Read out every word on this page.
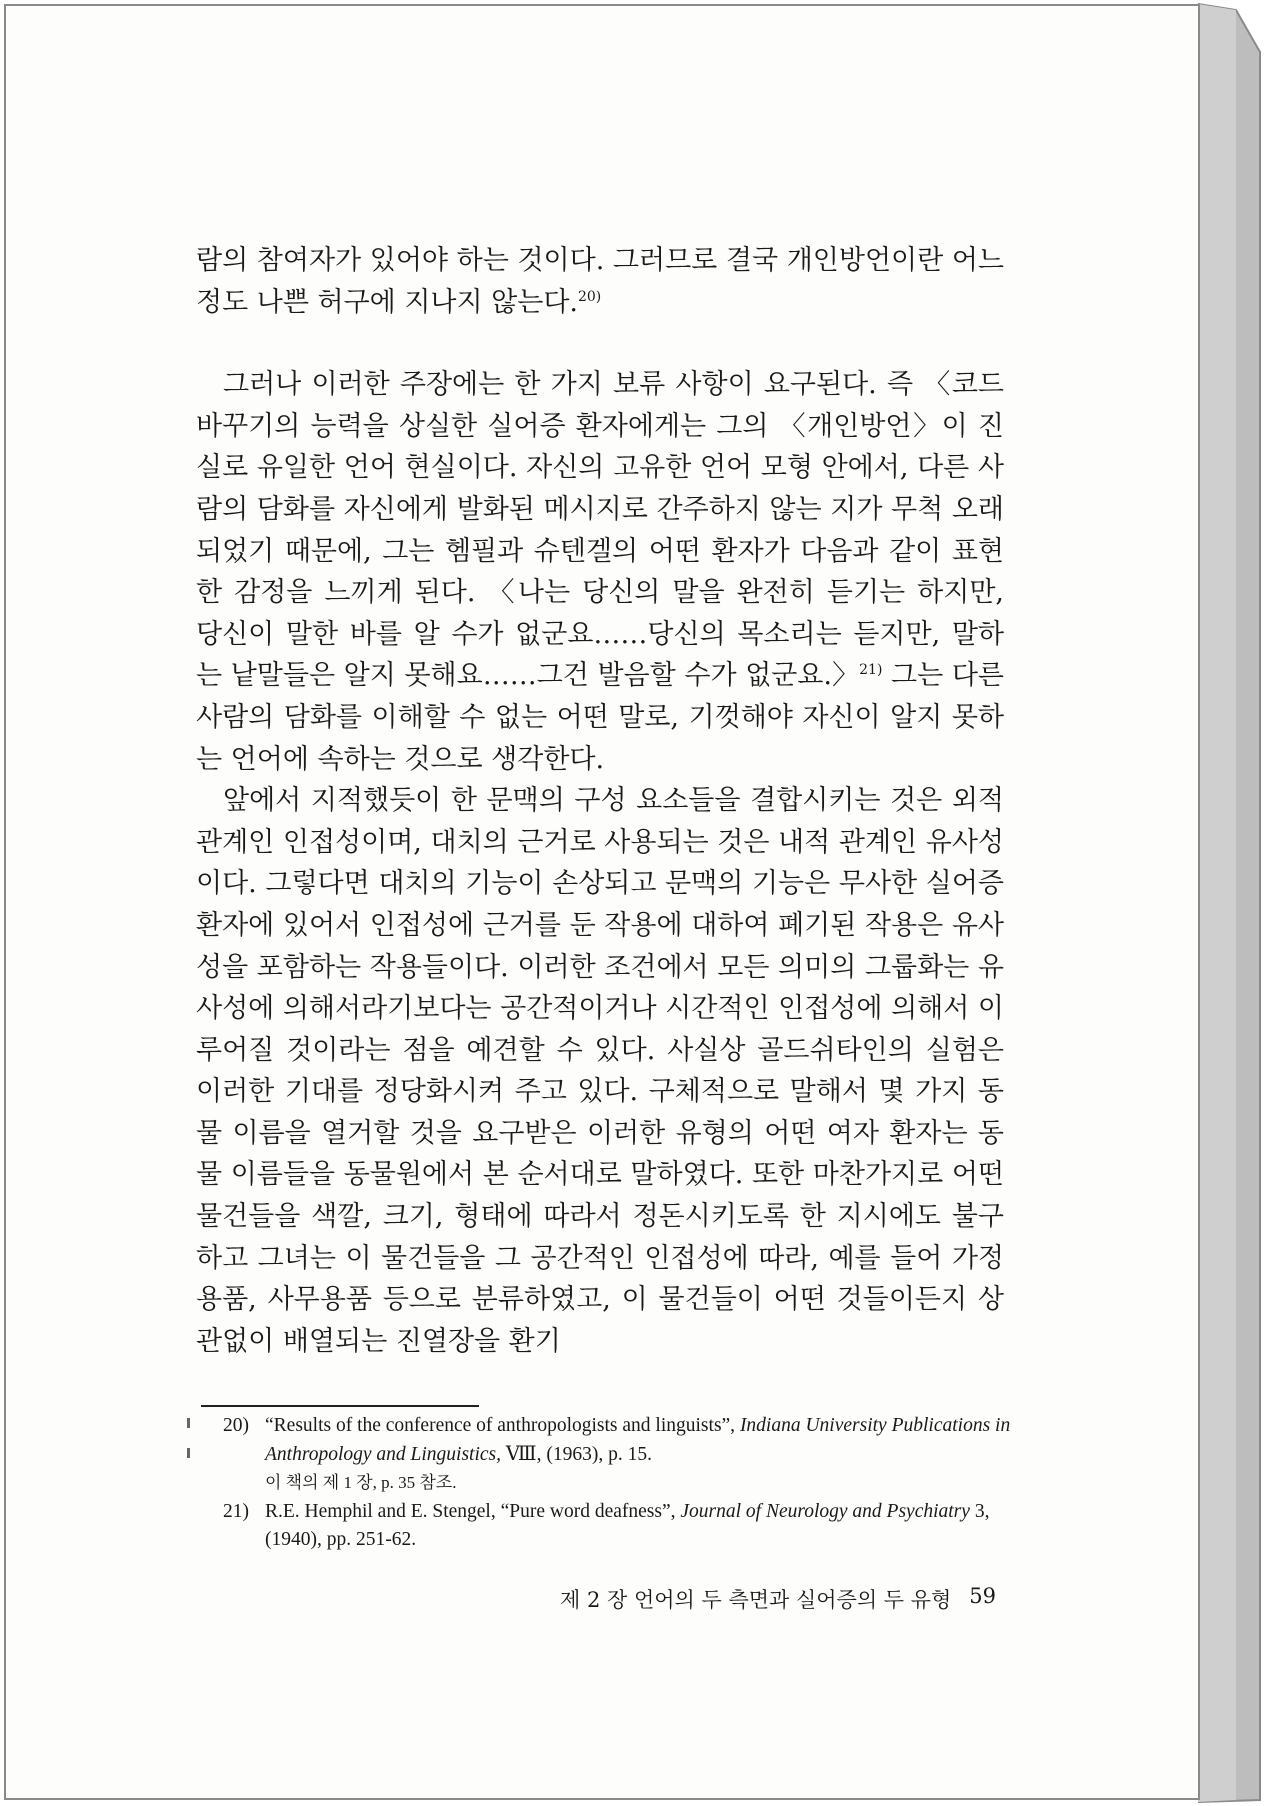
람의 참여자가 있어야 하는 것이다. 그러므로 결국 개인방언이란 어느 정도 나쁜 허구에 지나지 않는다.$^{20)}$

그러나 이러한 주장에는 한 가지 보류 사항이 요구된다. 즉 〈코드 바꾸기의 능력을 상실한 실어증 환자에게는 그의 〈개인방언〉이 진실로 유일한 언어 현실이다. 자신의 고유한 언어 모형 안에서, 다른 사람의 담화를 자신에게 발화된 메시지로 간주하지 않는 지가 무척 오래되었기 때문에, 그는 헴필과 슈텐겔의 어떤 환자가 다음과 같이 표현한 감정을 느끼게 된다. 〈나는 당신의 말을 완전히 듣기는 하지만, 당신이 말한 바를 알 수가 없군요……당신의 목소리는 듣지만, 말하는 낱말들은 알지 못해요……그건 발음할 수가 없군요.〉$^{21)}$ 그는 다른 사람의 담화를 이해할 수 없는 어떤 말로, 기껏해야 자신이 알지 못하는 언어에 속하는 것으로 생각한다.

앞에서 지적했듯이 한 문맥의 구성 요소들을 결합시키는 것은 외적 관계인 인접성이며, 대치의 근거로 사용되는 것은 내적 관계인 유사성이다. 그렇다면 대치의 기능이 손상되고 문맥의 기능은 무사한 실어증 환자에 있어서 인접성에 근거를 둔 작용에 대하여 폐기된 작용은 유사성을 포함하는 작용들이다. 이러한 조건에서 모든 의미의 그룹화는 유사성에 의해서라기보다는 공간적이거나 시간적인 인접성에 의해서 이루어질 것이라는 점을 예견할 수 있다. 사실상 골드쉬타인의 실험은 이러한 기대를 정당화시켜 주고 있다. 구체적으로 말해서 몇 가지 동물 이름을 열거할 것을 요구받은 이러한 유형의 어떤 여자 환자는 동물 이름들을 동물원에서 본 순서대로 말하였다. 또한 마찬가지로 어떤 물건들을 색깔, 크기, 형태에 따라서 정돈시키도록 한 지시에도 불구하고 그녀는 이 물건들을 그 공간적인 인접성에 따라, 예를 들어 가정용품, 사무용품 등으로 분류하였고, 이 물건들이 어떤 것들이든지 상관없이 배열되는 진열장을 환기

20) “Results of the conference of anthropologists and linguists”, Indiana University Publications in Anthropology and Linguistics, Ⅷ, (1963), p. 15.
이 책의 제 1 장, p. 35 참조.
21) R.E. Hemphil and E. Stengel, “Pure word deafness”, Journal of Neurology and Psychiatry 3, (1940), pp. 251-62.
제 2 장 언어의 두 측면과 실어증의 두 유형 59
